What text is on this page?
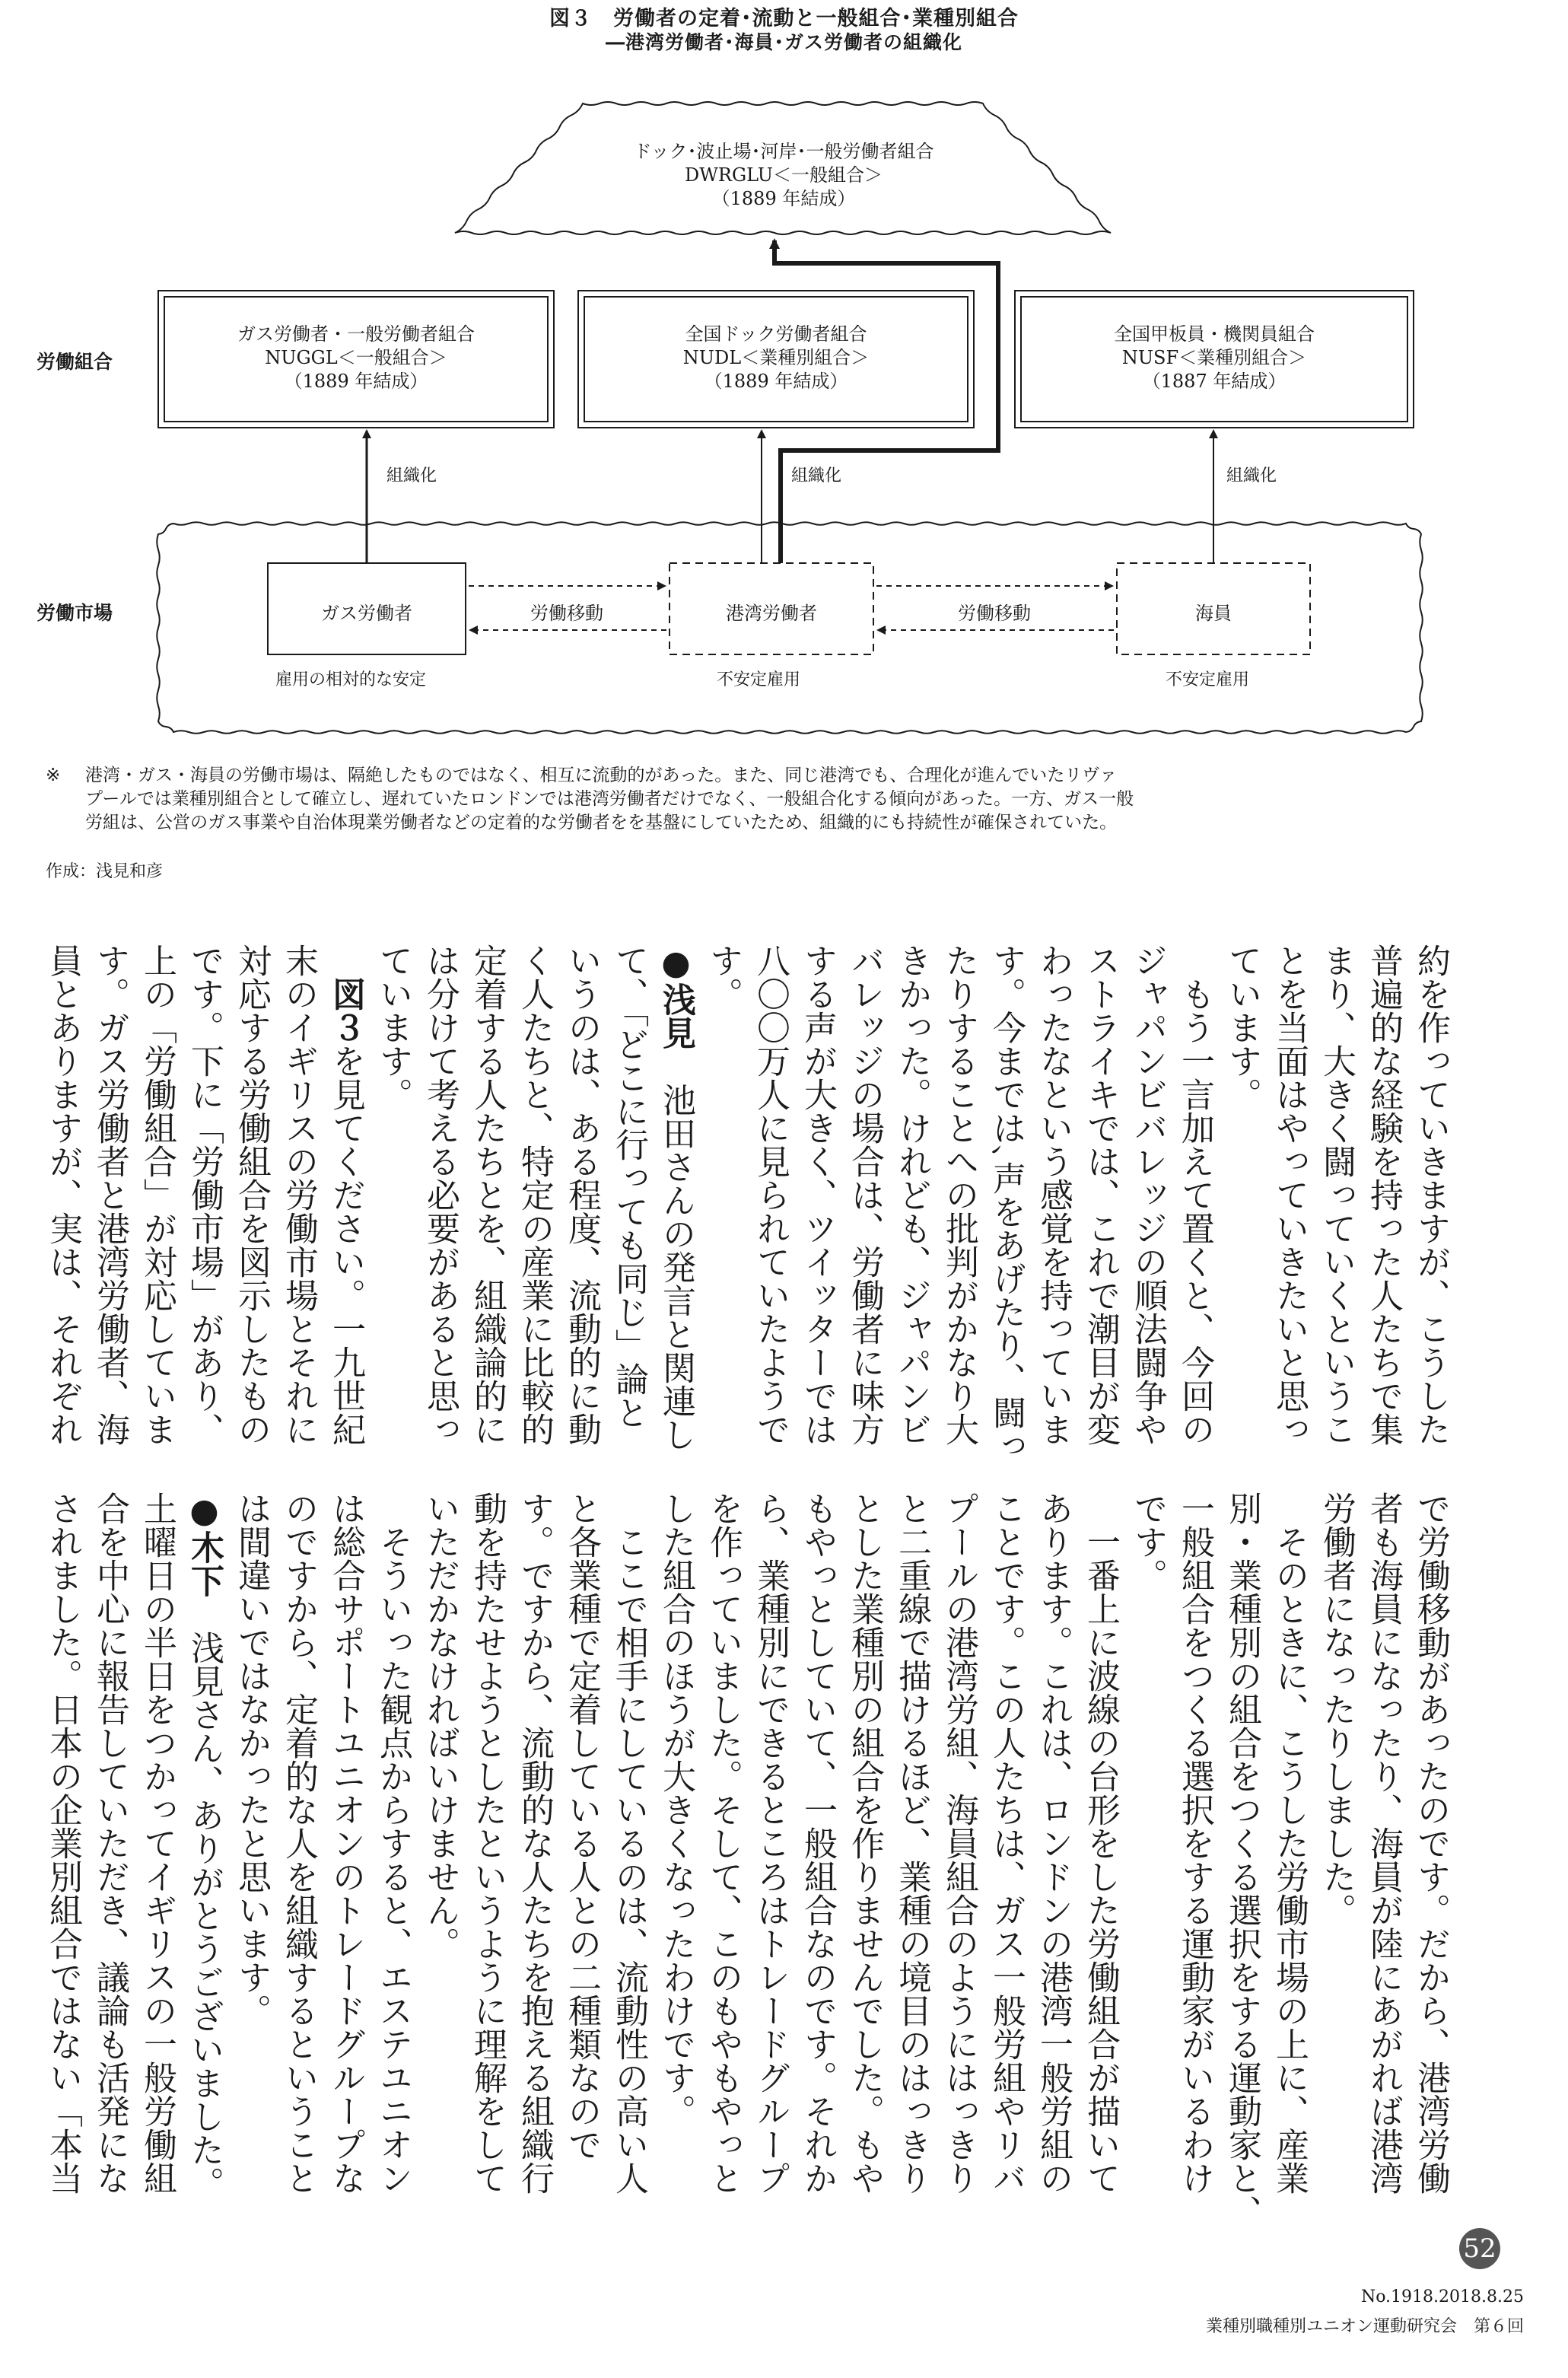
図３　労働者の定着･流動と一般組合･業種別組合
―港湾労働者･海員･ガス労働者の組織化
労働組合
労働市場
ドック･波止場･河岸･一般労働者組合
DWRGLU＜一般組合＞
（1889 年結成）
ガス労働者・一般労働者組合
NUGGL＜一般組合＞
（1889 年結成）
全国ドック労働者組合
NUDL＜業種別組合＞
（1889 年結成）
全国甲板員・機関員組合
NUSF＜業種別組合＞
（1887 年結成）
組織化	組織化	組織化
ガス労働者	港湾労働者	海員
労働移動	労働移動
雇用の相対的な安定	不安定雇用	不安定雇用
※	港湾・ガス・海員の労働市場は、隔絶したものではなく、相互に流動的があった。また、同じ港湾でも、合理化が進んでいたリヴァ

プールでは業種別組合として確立し、遅れていたロンドンでは港湾労働者だけでなく、一般組合化する傾向があった。一方、ガス一般

労組は、公営のガス事業や自治体現業労働者などの定着的な労働者をを基盤にしていたため、組織的にも持続性が確保されていた。

作成：浅見和彦
約を作っていきますが、こうした
普遍的な経験を持った人たちで集
まり、大きく闘っていくというこ
とを当面はやっていきたいと思っ
ています。
　もう一言加えて置くと、今回の
ジャパンビバレッジの順法闘争や
ストライキでは、これで潮目が変
わったなという感覚を持っていま
す。今までは､声をあげたり、闘っ
たりすることへの批判がかなり大
きかった。けれども、ジャパンビ
バレッジの場合は、労働者に味方
する声が大きく、ツイッターでは
八〇〇万人に見られていたようで
す。
●浅見　池田さんの発言と関連し
て、「どこに行っても同じ」論と
いうのは、ある程度、流動的に動
く人たちと、特定の産業に比較的
定着する人たちとを、組織論的に
は分けて考える必要があると思っ
ています。
　図３を見てください。一九世紀
末のイギリスの労働市場とそれに
対応する労働組合を図示したもの
です。下に「労働市場」があり、
上の「労働組合」が対応していま
す。ガス労働者と港湾労働者、海
員とありますが、実は、それぞれ
で労働移動があったのです。だから、港湾労働
者も海員になったり、海員が陸にあがれば港湾
労働者になったりしました。
　そのときに、こうした労働市場の上に、産業
別・業種別の組合をつくる選択をする運動家と、
一般組合をつくる選択をする運動家がいるわけ
です。
　一番上に波線の台形をした労働組合が描いて
あります。これは、ロンドンの港湾一般労組の
ことです。この人たちは、ガス一般労組やリバ
プールの港湾労組、海員組合のようにはっきり
と二重線で描けるほど、業種の境目のはっきり
とした業種別の組合を作りませんでした。もや
もやっとしていて、一般組合なのです。それか
ら、業種別にできるところはトレードグループ
を作っていました。そして、このもやもやっと
した組合のほうが大きくなったわけです。
　ここで相手にしているのは、流動性の高い人
と各業種で定着している人との二種類なので
す。ですから、流動的な人たちを抱える組織行
動を持たせようとしたというように理解をして
いただかなければいけません。
　そういった観点からすると、エステユニオン
は総合サポートユニオンのトレードグループな
のですから、定着的な人を組織するということ
は間違いではなかったと思います。
●木下　浅見さん、ありがとうございました。
土曜日の半日をつかってイギリスの一般労働組
合を中心に報告していただき、議論も活発にな
されました。日本の企業別組合ではない「本当
52
No.1918.2018.8.25
業種別職種別ユニオン運動研究会　第６回
